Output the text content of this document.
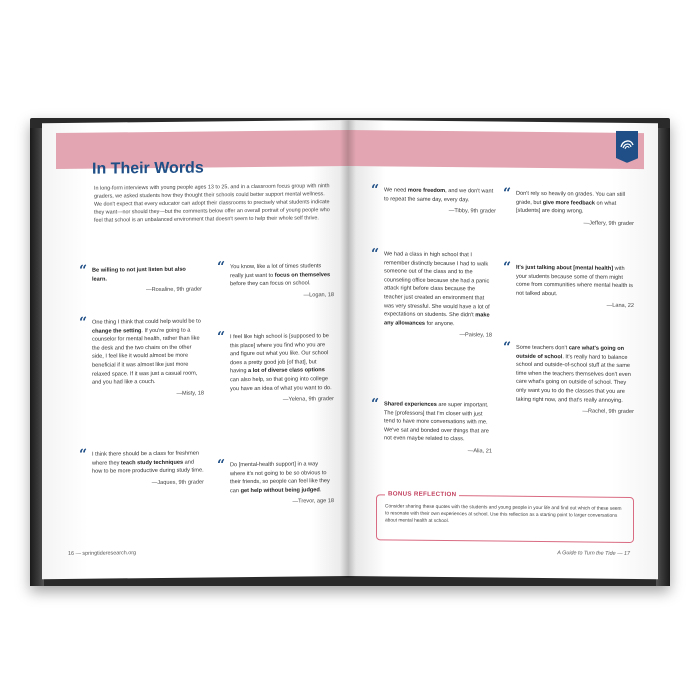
In Their Words
In long-form interviews with young people ages 13 to 25, and in a classroom focus group with ninth graders, we asked students how they thought their schools could better support mental wellness. We don't expect that every educator can adopt their classrooms to precisely what students indicate they want—nor should they—but the comments below offer an overall portrait of young people who feel that school is an unbalanced environment that doesn't seem to help their whole self thrive.
“ Be willing to not just listen but also learn.
—Rosaline, 9th grader
“ One thing I think that could help would be to change the setting. If you're going to a counselor for mental health, rather than like the desk and the two chairs on the other side, I feel like it would almost be more beneficial if it was almost like just more relaxed space. If it was just a casual room, and you had like a couch.
—Misty, 18
“ I think there should be a class for freshmen where they teach study techniques and how to be more productive during study time.
—Jaques, 9th grader
“ You know, like a lot of times students really just want to focus on themselves before they can focus on school.
—Logan, 18
“ I feel like high school is [supposed to be this place] where you find who you are and figure out what you like. Our school does a pretty good job [of that], but having a lot of diverse class options can also help, so that going into college you have an idea of what you want to do.
—Yelena, 9th grader
“ Do [mental-health support] in a way where it's not going to be so obvious to their friends, so people can feel like they can get help without being judged.
—Trevor, age 18
16 — springtideresearch.org
“ We need more freedom, and we don't want to repeat the same day, every day.
—Tibby, 9th grader
“ We had a class in high school that I remember distinctly because I had to walk someone out of the class and to the counseling office because she had a panic attack right before class because the teacher just created an environment that was very stressful. She would have a lot of expectations on students. She didn't make any allowances for anyone.
—Paisley, 18
“ Shared experiences are super important. The [professors] that I'm closer with just tend to have more conversations with me. We've sat and bonded over things that are not even maybe related to class.
—Alia, 21
“ Don't rely so heavily on grades. You can still grade, but give more feedback on what [students] are doing wrong.
—Jeffery, 9th grader
“ It's just talking about [mental health] with your students because some of them might come from communities where mental health is not talked about.
—Lana, 22
“ Some teachers don't care what's going on outside of school. It's really hard to balance school and outside-of-school stuff at the same time when the teachers themselves don't even care what's going on outside of school. They only want you to do the classes that you are taking right now, and that's really annoying.
—Rachel, 9th grader
BONUS REFLECTION
Consider sharing these quotes with the students and young people in your life and find out which of these seem to resonate with their own experiences at school. Use this reflection as a starting point to larger conversations about mental health at school.
A Guide to Turn the Tide — 17
